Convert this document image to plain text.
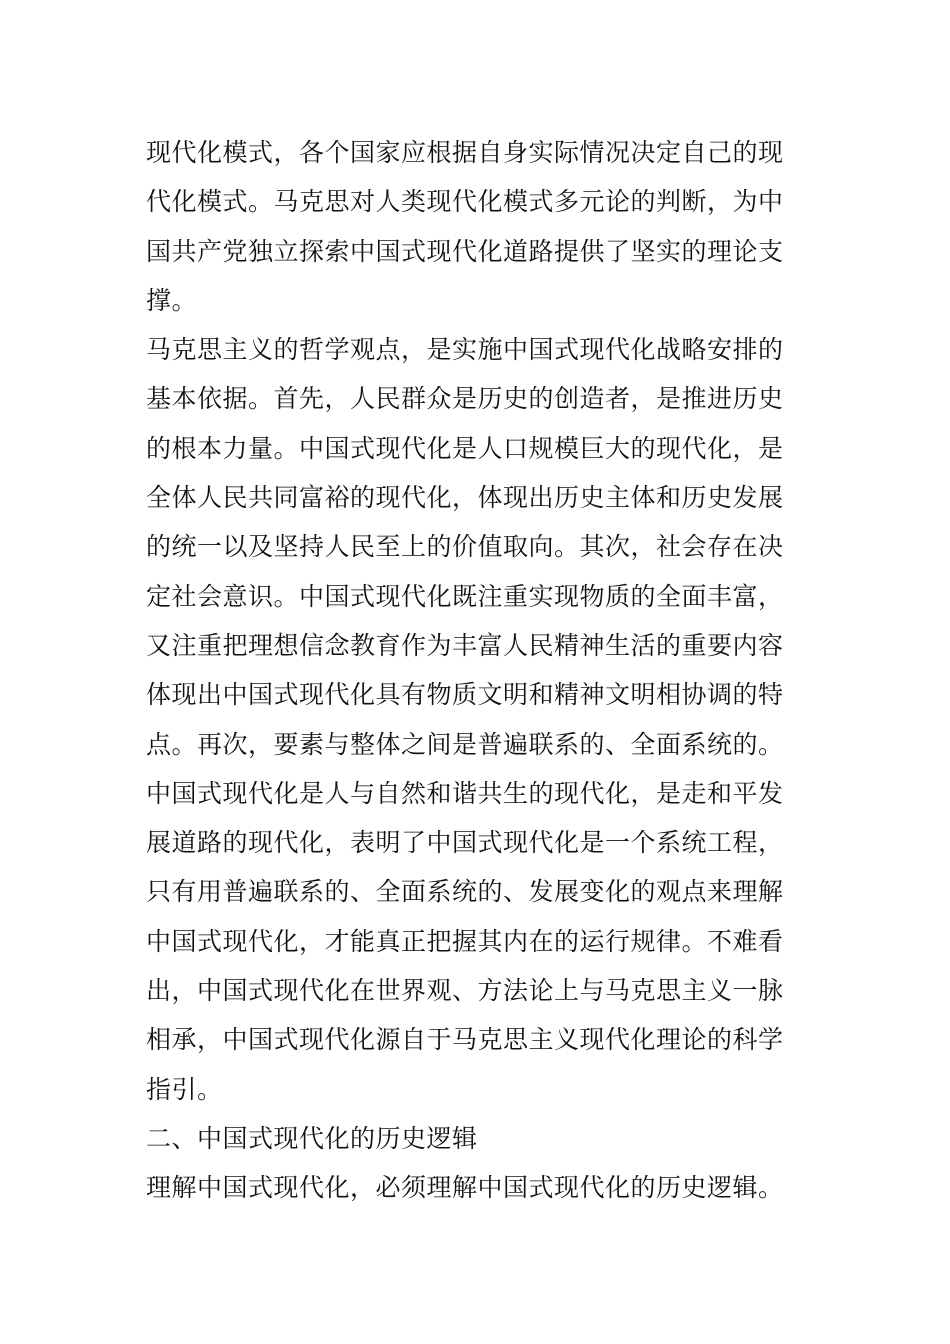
现代化模式，各个国家应根据自身实际情况决定自己的现
代化模式。马克思对人类现代化模式多元论的判断，为中
国共产党独立探索中国式现代化道路提供了坚实的理论支
撑。
马克思主义的哲学观点，是实施中国式现代化战略安排的
基本依据。首先，人民群众是历史的创造者，是推进历史
的根本力量。中国式现代化是人口规模巨大的现代化，是
全体人民共同富裕的现代化，体现出历史主体和历史发展
的统一以及坚持人民至上的价值取向。其次，社会存在决
定社会意识。中国式现代化既注重实现物质的全面丰富，
又注重把理想信念教育作为丰富人民精神生活的重要内容
体现出中国式现代化具有物质文明和精神文明相协调的特
点。再次，要素与整体之间是普遍联系的、全面系统的。
中国式现代化是人与自然和谐共生的现代化，是走和平发
展道路的现代化，表明了中国式现代化是一个系统工程，
只有用普遍联系的、全面系统的、发展变化的观点来理解
中国式现代化，才能真正把握其内在的运行规律。不难看
出，中国式现代化在世界观、方法论上与马克思主义一脉
相承，中国式现代化源自于马克思主义现代化理论的科学
指引。
二、中国式现代化的历史逻辑
理解中国式现代化，必须理解中国式现代化的历史逻辑。
